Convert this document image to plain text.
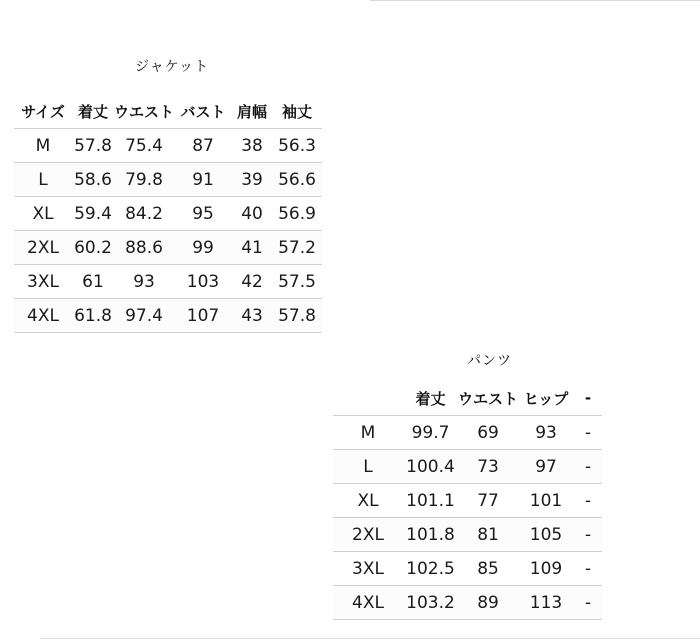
ジャケット
サイズ	着丈	ウエスト	バスト	肩幅	袖丈
M	57.8	75.4	87	38	56.3
L	58.6	79.8	91	39	56.6
XL	59.4	84.2	95	40	56.9
2XL	60.2	88.6	99	41	57.2
3XL	61	93	103	42	57.5
4XL	61.8	97.4	107	43	57.8
パンツ
	着丈	ウエスト	ヒップ	-
M	99.7	69	93	-
L	100.4	73	97	-
XL	101.1	77	101	-
2XL	101.8	81	105	-
3XL	102.5	85	109	-
4XL	103.2	89	113	-
